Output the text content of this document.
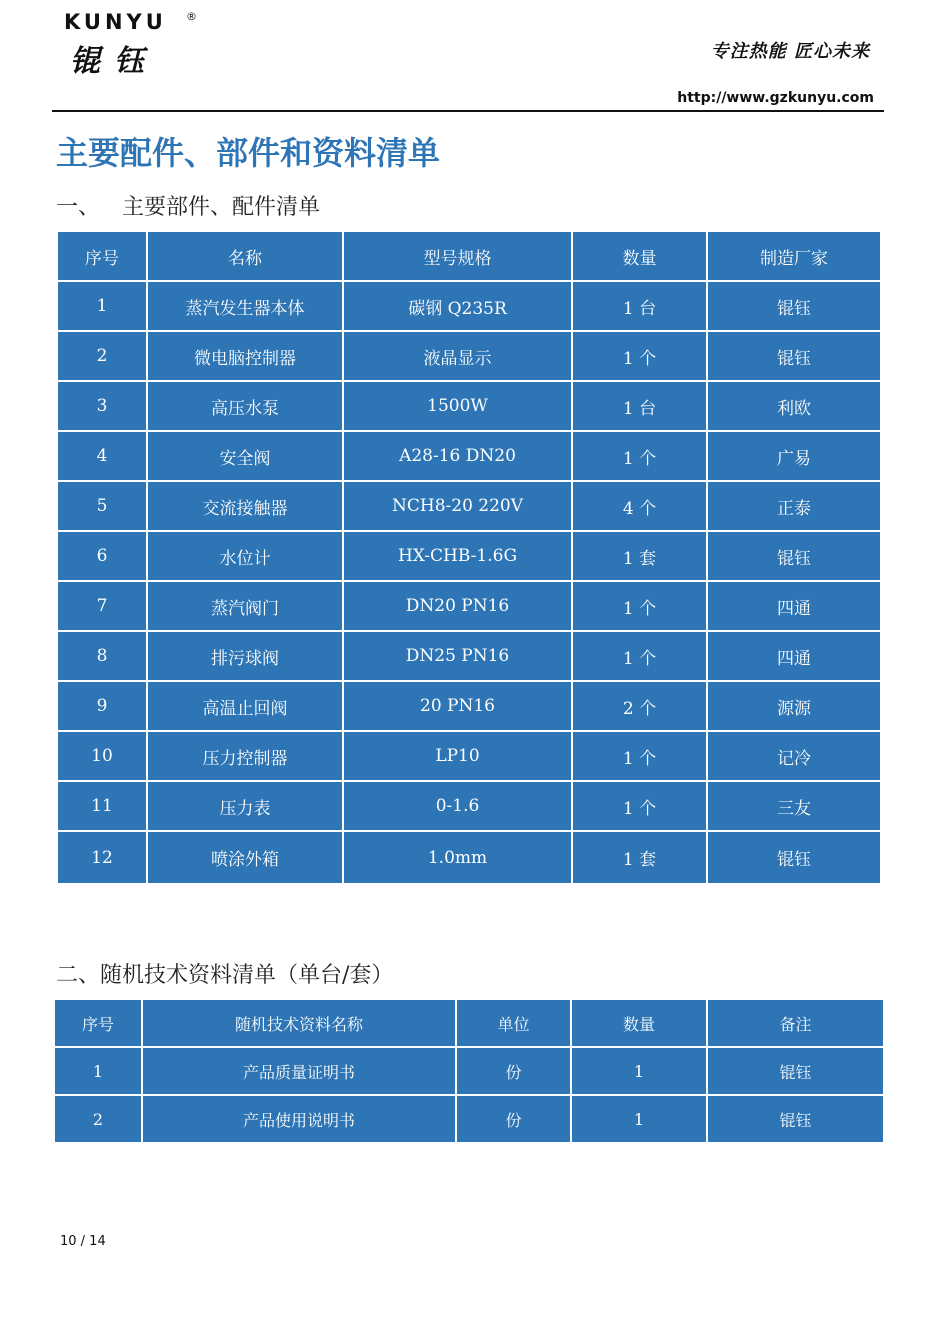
KUNYU ®
锟钰	专注热能 匠心未来
http://www.gzkunyu.com
主要配件、部件和资料清单
一、 主要部件、配件清单
序号	名称	型号规格	数量	制造厂家
1	蒸汽发生器本体	碳钢 Q235R	1 台	锟钰
2	微电脑控制器	液晶显示	1 个	锟钰
3	高压水泵	1500W	1 台	利欧
4	安全阀	A28-16 DN20	1 个	广易
5	交流接触器	NCH8-20 220V	4 个	正泰
6	水位计	HX-CHB-1.6G	1 套	锟钰
7	蒸汽阀门	DN20 PN16	1 个	四通
8	排污球阀	DN25 PN16	1 个	四通
9	高温止回阀	20 PN16	2 个	源源
10	压力控制器	LP10	1 个	记冷
11	压力表	0-1.6	1 个	三友
12	喷涂外箱	1.0mm	1 套	锟钰
二、随机技术资料清单（单台/套）
序号	随机技术资料名称	单位	数量	备注
1	产品质量证明书	份	1	锟钰
2	产品使用说明书	份	1	锟钰
10 / 14
